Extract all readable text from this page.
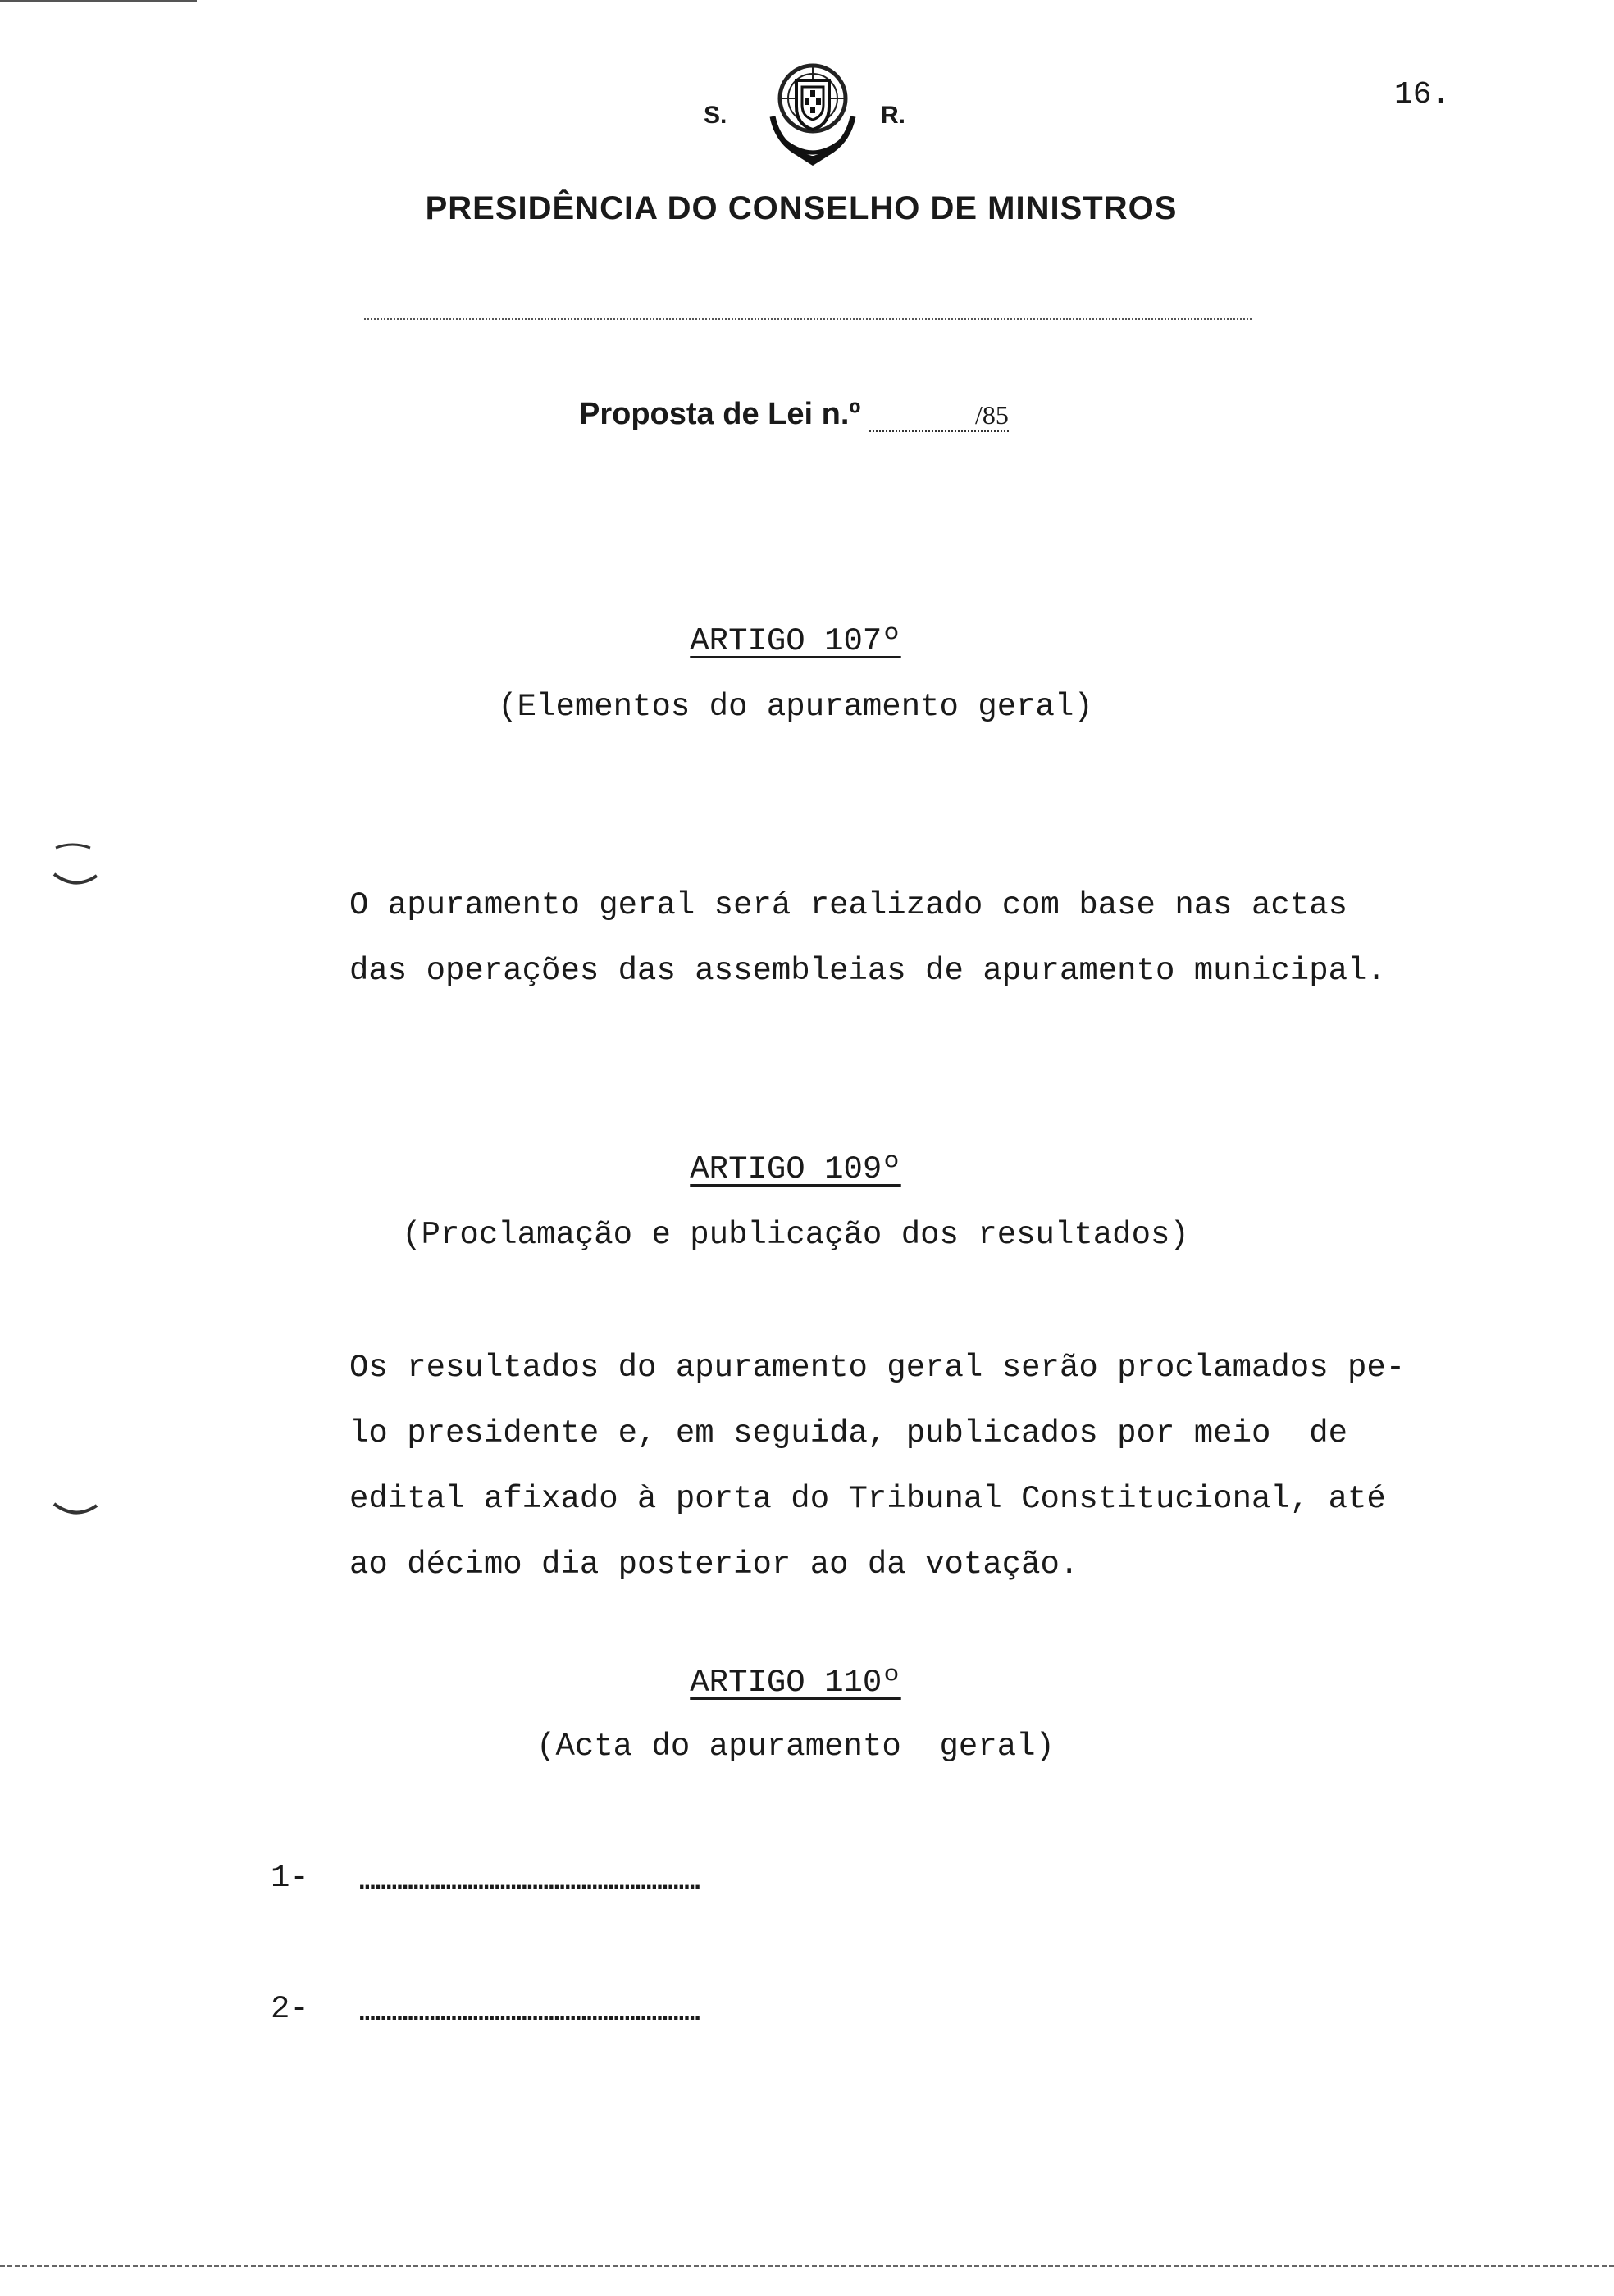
16.
S.	R.
PRESIDÊNCIA DO CONSELHO DE MINISTROS
Proposta de Lei n.º	/85
ARTIGO 107º
(Elementos do apuramento geral)
O apuramento geral será realizado com base nas actas
das operações das assembleias de apuramento municipal.
ARTIGO 109º
(Proclamação e publicação dos resultados)
Os resultados do apuramento geral serão proclamados pe-
lo presidente e, em seguida, publicados por meio  de
edital afixado à porta do Tribunal Constitucional, até
ao décimo dia posterior ao da votação.
ARTIGO 110º
(Acta do apuramento  geral)
1- ...............................................................
2- ...............................................................
